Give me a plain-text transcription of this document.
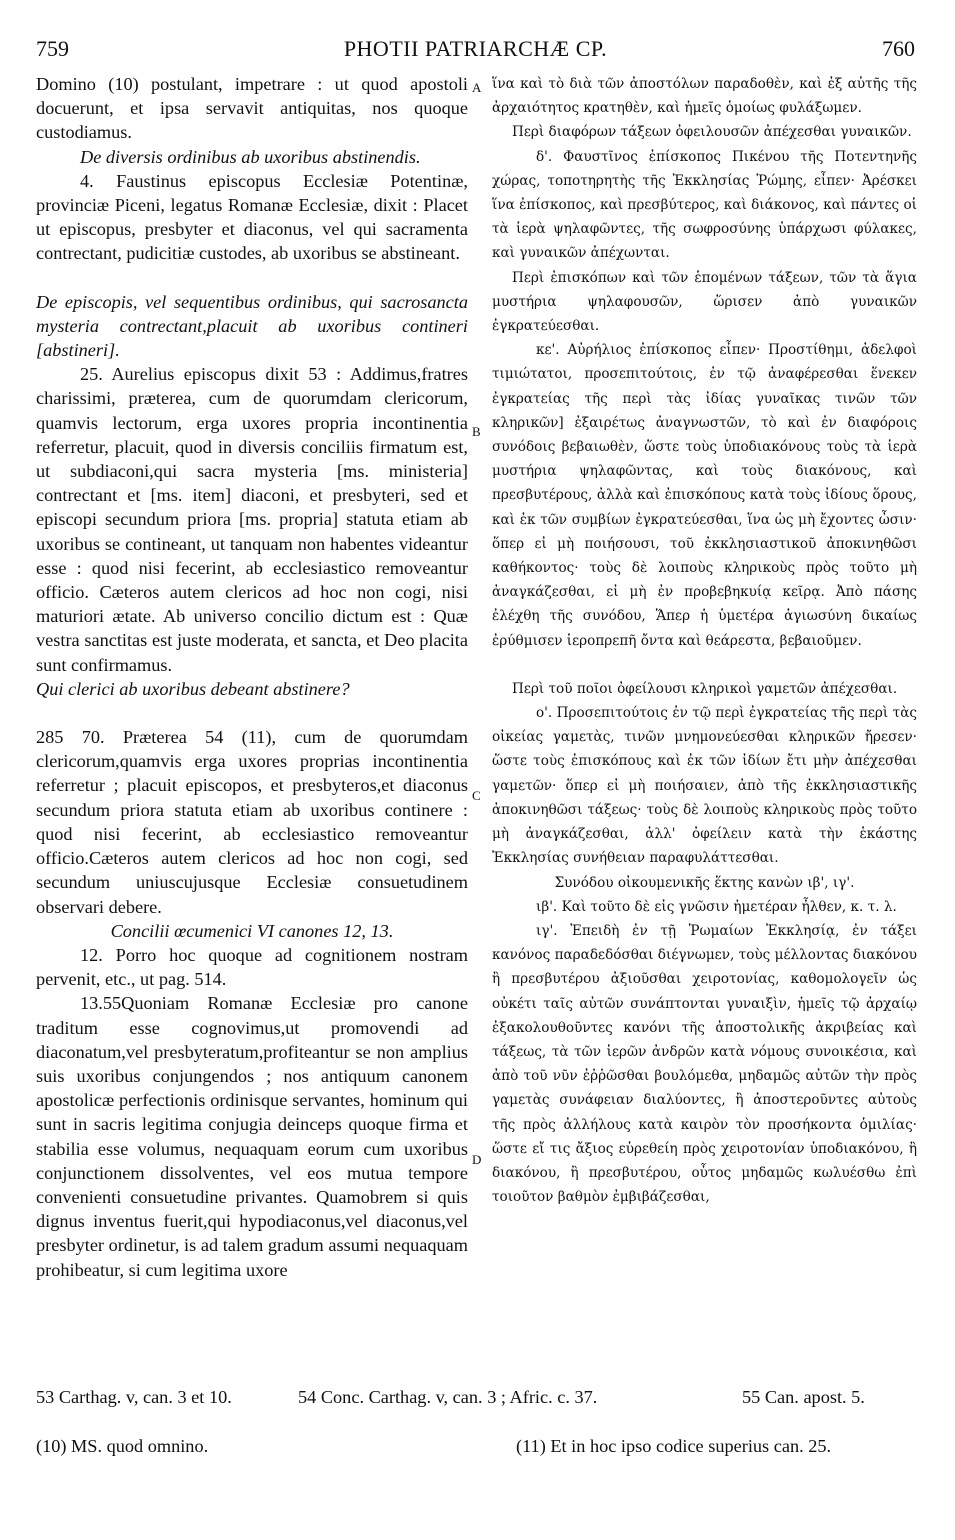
759	PHOTII PATRIARCHÆ CP.	760
A
B
C
D

Domino (10) postulant, impetrare : ut quod apostoli docuerunt, et ipsa servavit antiquitas, nos quoque custodiamus.

De diversis ordinibus ab uxoribus abstinendis.

4. Faustinus episcopus Ecclesiæ Potentinæ, provinciæ Piceni, legatus Romanæ Ecclesiæ, dixit : Placet ut episcopus, presbyter et diaconus, vel qui sacramenta contrectant, pudicitiæ custodes, ab uxoribus se abstineant.

De episcopis, vel sequentibus ordinibus, qui sacrosancta mysteria contrectant,placuit ab uxoribus contineri [abstineri].

25. Aurelius episcopus dixit 53 : Addimus,fratres charissimi, præterea, cum de quorumdam clericorum, quamvis lectorum, erga uxores propria incontinentia referretur, placuit, quod in diversis conciliis firmatum est, ut subdiaconi,qui sacra mysteria [ms. ministeria] contrectant et [ms. item] diaconi, et presbyteri, sed et episcopi secundum priora [ms. propria] statuta etiam ab uxoribus se contineant, ut tanquam non habentes videantur esse : quod nisi fecerint, ab ecclesiastico removeantur officio. Cæteros autem clericos ad hoc non cogi, nisi maturiori ætate. Ab universo concilio dictum est : Quæ vestra sanctitas est juste moderata, et sancta, et Deo placita sunt confirmamus.

Qui clerici ab uxoribus debeant abstinere?

285 70. Præterea 54 (11), cum de quorumdam clericorum,quamvis erga uxores proprias incontinentia referretur ; placuit episcopos, et presbyteros,et diaconus secundum priora statuta etiam ab uxoribus continere : quod nisi fecerint, ab ecclesiastico removeantur officio.Cæteros autem clericos ad hoc non cogi, sed secundum uniuscujusque Ecclesiæ consuetudinem observari debere.

Concilii œcumenici VI canones 12, 13.

12. Porro hoc quoque ad cognitionem nostram pervenit, etc., ut pag. 514.

13.55Quoniam Romanæ Ecclesiæ pro canone traditum esse cognovimus,ut promovendi ad diaconatum,vel presbyteratum,profiteantur se non amplius suis uxoribus conjungendos ; nos antiquum canonem apostolicæ perfectionis ordinisque servantes, hominum qui sunt in sacris legitima conjugia deinceps quoque firma et stabilia esse volumus, nequaquam eorum cum uxoribus conjunctionem dissolventes, vel eos mutua tempore convenienti consuetudine privantes. Quamobrem si quis dignus inventus fuerit,qui hypodiaconus,vel diaconus,vel presbyter ordinetur, is ad talem gradum assumi nequaquam prohibeatur, si cum legitima uxore

ἵνα καὶ τὸ διὰ τῶν ἀποστόλων παραδοθὲν, καὶ ἐξ αὐτῆς τῆς ἀρχαιότητος κρατηθὲν, καὶ ἡμεῖς ὁμοίως φυλάξωμεν.

Περὶ διαφόρων τάξεων ὀφειλουσῶν ἀπέχεσθαι γυναικῶν.

δ'. Φαυστῖνος ἐπίσκοπος Πικένου τῆς Ποτεντηνῆς χώρας, τοποτηρητὴς τῆς Ἐκκλησίας Ῥώμης, εἶπεν· Ἀρέσκει ἵνα ἐπίσκοπος, καὶ πρεσβύτερος, καὶ διάκονος, καὶ πάντες οἱ τὰ ἱερὰ ψηλαφῶντες, τῆς σωφροσύνης ὑπάρχωσι φύλακες, καὶ γυναικῶν ἀπέχωνται.

Περὶ ἐπισκόπων καὶ τῶν ἑπομένων τάξεων, τῶν τὰ ἅγια μυστήρια ψηλαφουσῶν, ὥρισεν ἀπὸ γυναικῶν ἐγκρατεύεσθαι.

κε'. Αὐρήλιος ἐπίσκοπος εἶπεν· Προστίθημι, ἀδελφοὶ τιμιώτατοι, προσεπιτούτοις, ἐν τῷ ἀναφέρεσθαι ἕνεκεν ἐγκρατείας τῆς περὶ τὰς ἰδίας γυναῖκας τινῶν τῶν κληρικῶν] ἐξαιρέτως ἀναγνωστῶν, τὸ καὶ ἐν διαφόροις συνόδοις βεβαιωθὲν, ὥστε τοὺς ὑποδιακόνους τοὺς τὰ ἱερὰ μυστήρια ψηλαφῶντας, καὶ τοὺς διακόνους, καὶ πρεσβυτέρους, ἀλλὰ καὶ ἐπισκόπους κατὰ τοὺς ἰδίους ὅρους, καὶ ἐκ τῶν συμβίων ἐγκρατεύεσθαι, ἵνα ὡς μὴ ἔχοντες ὦσιν· ὅπερ εἰ μὴ ποιήσουσι, τοῦ ἐκκλησιαστικοῦ ἀποκινηθῶσι καθήκοντος· τοὺς δὲ λοιποὺς κληρικοὺς πρὸς τοῦτο μὴ ἀναγκάζεσθαι, εἰ μὴ ἐν προβεβηκυίᾳ κεῖρᾳ. Ἀπὸ πάσης ἐλέχθη τῆς συνόδου, Ἅπερ ἡ ὑμετέρα ἁγιωσύνη δικαίως ἐρύθμισεν ἱεροπρεπῆ ὄντα καὶ θεάρεστα, βεβαιοῦμεν.

Περὶ τοῦ ποῖοι ὀφείλουσι κληρικοὶ γαμετῶν ἀπέχεσθαι.

ο'. Προσεπιτούτοις ἐν τῷ περὶ ἐγκρατείας τῆς περὶ τὰς οἰκείας γαμετὰς, τινῶν μνημονεύεσθαι κληρικῶν ἤρεσεν· ὥστε τοὺς ἐπισκόπους καὶ ἐκ τῶν ἰδίων ἔτι μὴν ἀπέχεσθαι γαμετῶν· ὅπερ εἰ μὴ ποιήσαιεν, ἀπὸ τῆς ἐκκλησιαστικῆς ἀποκινηθῶσι τάξεως· τοὺς δὲ λοιποὺς κληρικοὺς πρὸς τοῦτο μὴ ἀναγκάζεσθαι, ἀλλ' ὀφείλειν κατὰ τὴν ἑκάστης Ἐκκλησίας συνήθειαν παραφυλάττεσθαι.

Συνόδου οἰκουμενικῆς ἕκτης κανὼν ιβ', ιγ'.

ιβ'. Καὶ τοῦτο δὲ εἰς γνῶσιν ἡμετέραν ἦλθεν, κ. τ. λ.

ιγ'. Ἐπειδὴ ἐν τῇ Ῥωμαίων Ἐκκλησίᾳ, ἐν τάξει κανόνος παραδεδόσθαι διέγνωμεν, τοὺς μέλλοντας διακόνου ἢ πρεσβυτέρου ἀξιοῦσθαι χειροτονίας, καθομολογεῖν ὡς οὐκέτι ταῖς αὐτῶν συνάπτονται γυναιξὶν, ἡμεῖς τῷ ἀρχαίῳ ἐξακολουθοῦντες κανόνι τῆς ἀποστολικῆς ἀκριβείας καὶ τάξεως, τὰ τῶν ἱερῶν ἀνδρῶν κατὰ νόμους συνοικέσια, καὶ ἀπὸ τοῦ νῦν ἐῤῥῶσθαι βουλόμεθα, μηδαμῶς αὐτῶν τὴν πρὸς γαμετὰς συνάφειαν διαλύοντες, ἢ ἀποστεροῦντες αὐτοὺς τῆς πρὸς ἀλλήλους κατὰ καιρὸν τὸν προσήκοντα ὁμιλίας· ὥστε εἴ τις ἄξιος εὑρεθείη πρὸς χειροτονίαν ὑποδιακόνου, ἢ διακόνου, ἢ πρεσβυτέρου, οὗτος μηδαμῶς κωλυέσθω ἐπὶ τοιοῦτον βαθμὸν ἐμβιβάζεσθαι,

53 Carthag. v, can. 3 et 10.	54 Conc. Carthag. v, can. 3 ; Afric. c. 37.	55 Can. apost. 5.
(10) MS. quod omnino.	(11) Et in hoc ipso codice superius can. 25.
